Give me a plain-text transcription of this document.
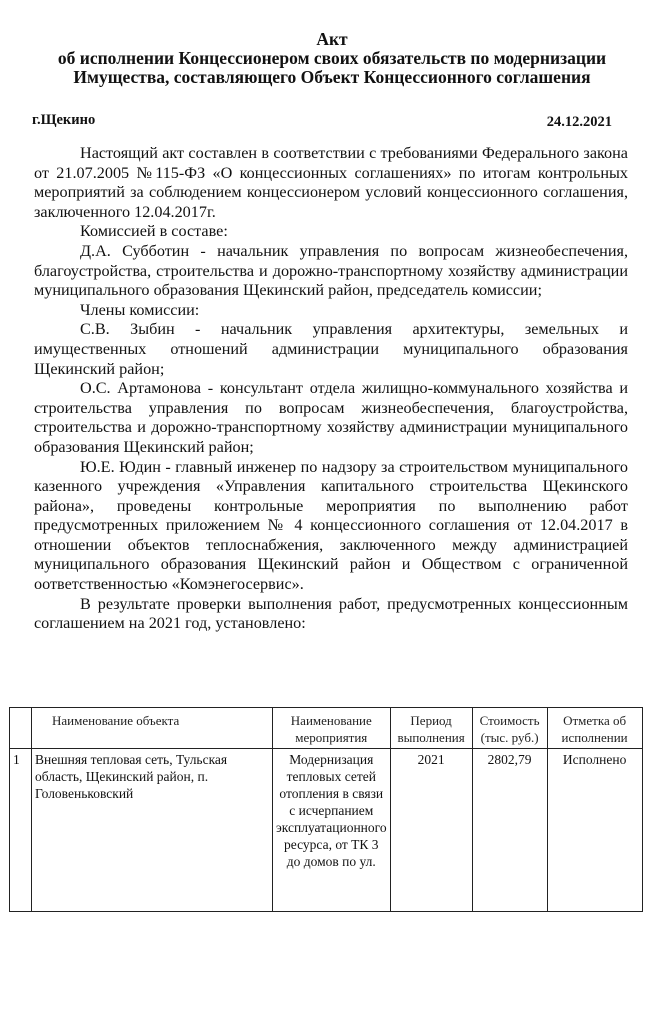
Акт
об исполнении Концессионером своих обязательств по модернизации
Имущества, составляющего Объект Концессионного соглашения
г.Щекино	24.12.2021

Настоящий акт составлен в соответствии с требованиями Федерального закона от 21.07.2005 №115-ФЗ «О концессионных соглашениях» по итогам контрольных мероприятий за соблюдением концессионером условий концессионного соглашения, заключенного 12.04.2017г.

Комиссией в составе:

Д.А. Субботин - начальник управления по вопросам жизнеобеспечения, благоустройства, строительства и дорожно-транспортному хозяйству администрации муниципального образования Щекинский район, председатель комиссии;

Члены комиссии:

С.В. Зыбин - начальник управления архитектуры, земельных и имущественных отношений администрации муниципального образования Щекинский район;

О.С. Артамонова - консультант отдела жилищно-коммунального хозяйства и строительства управления по вопросам жизнеобеспечения, благоустройства, строительства и дорожно-транспортному хозяйству администрации муниципального образования Щекинский район;

Ю.Е. Юдин - главный инженер по надзору за строительством муниципального казенного учреждения «Управления капитального строительства Щекинского района», проведены контрольные мероприятия по выполнению работ предусмотренных приложением № 4 концессионного соглашения от 12.04.2017 в отношении объектов теплоснабжения, заключенного между администрацией муниципального образования Щекинский район и Обществом с ограниченной оответственностью «Комэнегосервис».

В результате проверки выполнения работ, предусмотренных концессионным соглашением на 2021 год, установлено:

	Наименование объекта	Наименование мероприятия	Период выполнения	Стоимость (тыс. руб.)	Отметка об исполнении
1	Внешняя тепловая сеть, Тульская область, Щекинский район, п. Головеньковский	Модернизация тепловых сетей отопления в связи с исчерпанием эксплуатационного ресурса, от ТК 3 до домов по ул.	2021	2802,79	Исполнено
